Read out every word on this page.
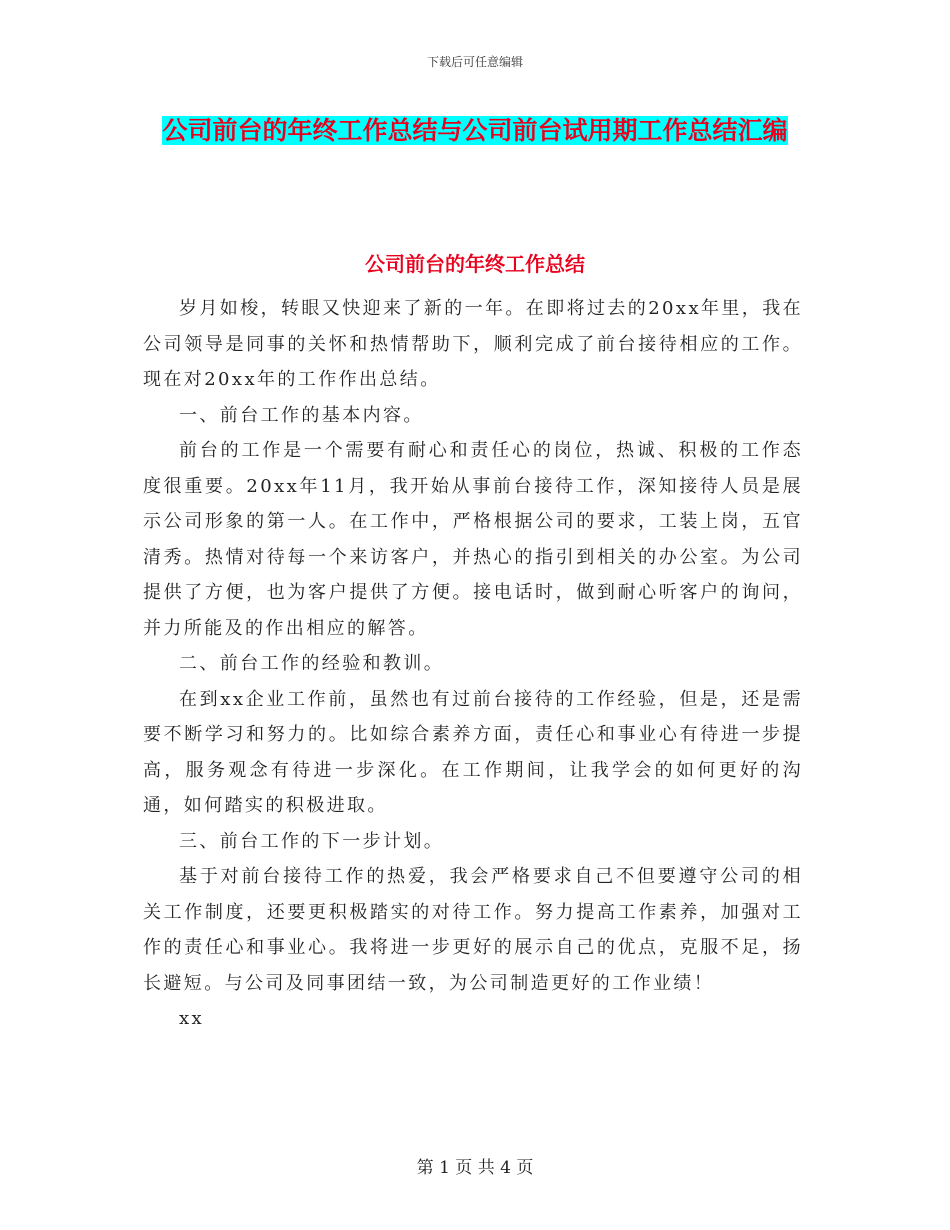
下载后可任意编辑
公司前台的年终工作总结与公司前台试用期工作总结汇编
公司前台的年终工作总结

岁月如梭，转眼又快迎来了新的一年。在即将过去的20xx年里，我在公司领导是同事的关怀和热情帮助下，顺利完成了前台接待相应的工作。现在对20xx年的工作作出总结。

一、前台工作的基本内容。

前台的工作是一个需要有耐心和责任心的岗位，热诚、积极的工作态度很重要。20xx年11月，我开始从事前台接待工作，深知接待人员是展示公司形象的第一人。在工作中，严格根据公司的要求，工装上岗，五官清秀。热情对待每一个来访客户，并热心的指引到相关的办公室。为公司提供了方便，也为客户提供了方便。接电话时，做到耐心听客户的询问，并力所能及的作出相应的解答。

二、前台工作的经验和教训。

在到xx企业工作前，虽然也有过前台接待的工作经验，但是，还是需要不断学习和努力的。比如综合素养方面，责任心和事业心有待进一步提高，服务观念有待进一步深化。在工作期间，让我学会的如何更好的沟通，如何踏实的积极进取。

三、前台工作的下一步计划。

基于对前台接待工作的热爱，我会严格要求自己不但要遵守公司的相关工作制度，还要更积极踏实的对待工作。努力提高工作素养，加强对工作的责任心和事业心。我将进一步更好的展示自己的优点，克服不足，扬长避短。与公司及同事团结一致，为公司制造更好的工作业绩！

xx

第 1 页 共 4 页
